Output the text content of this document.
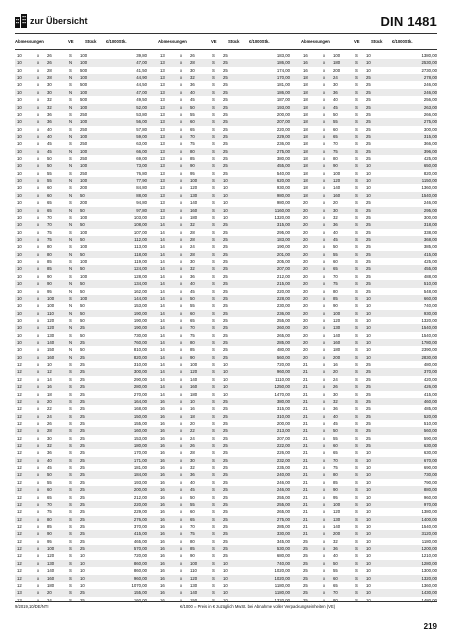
zur Übersicht	DIN 1481
Abmessungen	VE	Stück €/1000Stk.	Abmessungen	VE	Stück €/1000Stk.	Abmessungen	VE	Stück €/1000Stk.
10	x 26	S 100	39,80	13	x 26	S 25	183,00	16	x 100	S 10	1380,00
10	x 26	N 100	47,00	13	x 28	S 25	186,00	16	x 180	S 10	2530,00
10	x 28	S 500	41,50	13	x 30	S 25	174,00	16	x 200	S 10	2730,00
10	x 28	N 100	44,90	13	x 32	S 25	170,00	18	x 24	S 25	278,00
10	x 30	S 500	44,50	13	x 36	S 25	181,00	18	x 30	S 25	246,00
10	x 30	N 100	47,00	13	x 40	S 25	186,00	18	x 36	S 25	246,00
10	x 32	S 500	49,50	13	x 45	S 25	187,00	18	x 40	S 25	256,00
10	x 32	N 100	52,00	13	x 50	S 25	193,00	18	x 45	S 25	263,00
10	x 36	S 250	53,80	13	x 55	S 25	200,00	18	x 50	S 25	266,00
10	x 36	N 100	56,00	13	x 60	S 25	207,00	18	x 55	S 25	275,00
10	x 40	S 250	57,80	13	x 65	S 25	220,00	18	x 60	S 25	300,00
10	x 40	N 100	59,00	13	x 70	S 25	229,00	18	x 65	S 25	315,00
10	x 45	S 250	63,00	13	x 75	S 25	236,00	18	x 70	S 25	366,00
10	x 45	N 100	66,00	13	x 80	S 25	275,00	18	x 75	S 25	396,00
10	x 50	S 250	69,00	13	x 85	S 25	380,00	18	x 80	S 25	425,00
10	x 50	N 100	73,00	13	x 90	S 25	455,00	18	x 90	S 10	650,00
10	x 55	S 250	76,80	13	x 95	S 25	540,00	18	x 100	S 10	820,00
10	x 55	N 100	77,90	13	x 100	S 10	620,00	18	x 120	S 10	1150,00
10	x 60	S 200	84,80	13	x 120	S 10	930,00	18	x 140	S 10	1360,00
10	x 60	N 50	88,00	13	x 130	S 10	980,00	18	x 160	S 10	1540,00
10	x 65	S 200	94,80	13	x 140	S 10	980,00	20	x 20	S 25	246,00
10	x 65	N 50	97,80	13	x 160	S 10	1160,00	20	x 30	S 25	295,00
10	x 70	S 100	103,00	13	x 180	S 10	1320,00	20	x 32	S 25	300,00
10	x 70	N 50	108,00	14	x 32	S 25	315,00	20	x 36	S 25	318,00
10	x 75	S 100	107,00	14	x 28	S 25	295,00	20	x 40	S 25	338,00
10	x 75	N 50	112,00	14	x 28	S 25	183,00	20	x 45	S 25	368,00
10	x 80	S 100	113,00	14	x 24	S 25	190,00	20	x 50	S 25	385,00
10	x 80	N 50	118,00	14	x 28	S 25	201,00	20	x 55	S 25	415,00
10	x 85	S 100	119,00	14	x 30	S 25	205,00	20	x 60	S 25	425,00
10	x 85	N 50	124,00	14	x 32	S 25	207,00	20	x 65	S 25	455,00
10	x 90	S 100	128,00	14	x 36	S 25	212,00	20	x 70	S 25	488,00
10	x 90	N 50	134,00	14	x 40	S 25	215,00	20	x 75	S 25	510,00
10	x 95	N 50	162,00	14	x 45	S 25	220,00	20	x 80	S 25	548,00
10	x 100	S 100	144,00	14	x 50	S 25	228,00	20	x 85	S 10	660,00
10	x 100	N 50	153,00	14	x 55	S 25	230,00	20	x 90	S 10	740,00
10	x 110	N 50	190,00	14	x 60	S 25	236,00	20	x 100	S 10	930,00
10	x 120	S 50	190,00	14	x 65	S 25	255,00	20	x 120	S 10	1320,00
10	x 120	N 25	190,00	14	x 70	S 25	260,00	20	x 130	S 10	1540,00
10	x 130	S 50	730,00	14	x 75	S 25	265,00	20	x 140	S 10	1540,00
10	x 140	N 25	760,00	14	x 80	S 25	285,00	20	x 160	S 10	1780,00
10	x 150	N 50	810,00	14	x 85	S 25	480,00	20	x 180	S 10	2390,00
10	x 160	N 25	820,00	14	x 90	S 25	560,00	20	x 200	S 10	2830,00
12	x 10	S 25	310,00	14	x 100	S 10	720,00	21	x 16	S 25	480,00
12	x 12	S 25	300,00	14	x 120	S 10	960,00	21	x 20	S 25	370,00
12	x 14	S 25	290,00	14	x 140	S 10	1110,00	21	x 24	S 25	420,00
12	x 16	S 25	280,00	14	x 160	S 10	1250,00	21	x 26	S 25	426,00
12	x 18	S 25	270,00	14	x 180	S 10	1470,00	21	x 30	S 25	415,00
12	x 20	S 25	164,00	16	x 10	S 25	380,00	21	x 32	S 25	460,00
12	x 22	S 25	168,00	16	x 16	S 25	315,00	21	x 36	S 25	485,00
12	x 24	S 25	150,00	16	x 18	S 25	310,00	21	x 40	S 25	520,00
12	x 26	S 25	155,00	16	x 20	S 25	200,00	21	x 45	S 25	510,00
12	x 28	S 25	160,00	16	x 22	S 25	213,00	21	x 50	S 25	560,00
12	x 30	S 25	153,00	16	x 24	S 25	207,00	21	x 55	S 25	590,00
12	x 32	S 25	180,00	16	x 26	S 25	222,00	21	x 60	S 25	630,00
12	x 36	S 25	170,00	16	x 28	S 25	226,00	21	x 65	S 10	630,00
12	x 40	S 25	171,00	16	x 30	S 25	232,00	21	x 70	S 10	670,00
12	x 45	S 25	181,00	16	x 32	S 25	235,00	21	x 75	S 10	690,00
12	x 50	S 25	184,00	16	x 36	S 25	240,00	21	x 80	S 10	730,00
12	x 55	S 25	193,00	16	x 40	S 25	246,00	21	x 85	S 10	790,00
12	x 60	S 25	200,00	16	x 45	S 25	246,00	21	x 90	S 10	880,00
12	x 65	S 25	212,00	16	x 50	S 25	255,00	21	x 95	S 10	960,00
12	x 70	S 25	220,00	16	x 55	S 25	255,00	21	x 100	S 10	970,00
12	x 75	S 25	229,00	16	x 60	S 25	265,00	21	x 120	S 10	1380,00
12	x 80	S 25	276,00	16	x 65	S 25	275,00	21	x 130	S 10	1400,00
12	x 85	S 25	370,00	16	x 70	S 25	285,00	21	x 140	S 10	1540,00
12	x 90	S 25	415,00	16	x 75	S 25	330,00	21	x 200	S 10	3120,00
12	x 95	S 25	465,00	16	x 80	S 25	345,00	25	x 32	S 10	1180,00
12	x 100	S 25	570,00	16	x 85	S 25	530,00	25	x 36	S 10	1200,00
12	x 120	S 10	720,00	16	x 90	S 25	680,00	25	x 40	S 10	1210,00
12	x 130	S 10	860,00	16	x 100	S 10	740,00	25	x 50	S 10	1280,00
12	x 140	S 10	860,00	16	x 110	S 10	1020,00	25	x 55	S 10	1300,00
12	x 160	S 10	960,00	16	x 120	S 10	1020,00	25	x 60	S 10	1320,00
12	x 180	S 10	1070,00	16	x 130	S 10	1180,00	25	x 65	S 10	1360,00
13	x 20	S 25	155,00	16	x 140	S 10	1180,00	25	x 70	S 10	1430,00
13	x 24	S 25	160,00	16	x 150	S 10	1320,00	25	x 80	S 10	1480,00
9/2019,10/DE/NTI	€/1000 = Preis in € zuzüglich MwSt. bei Abnahme voller Verpackungseinheiten (VE)
219
